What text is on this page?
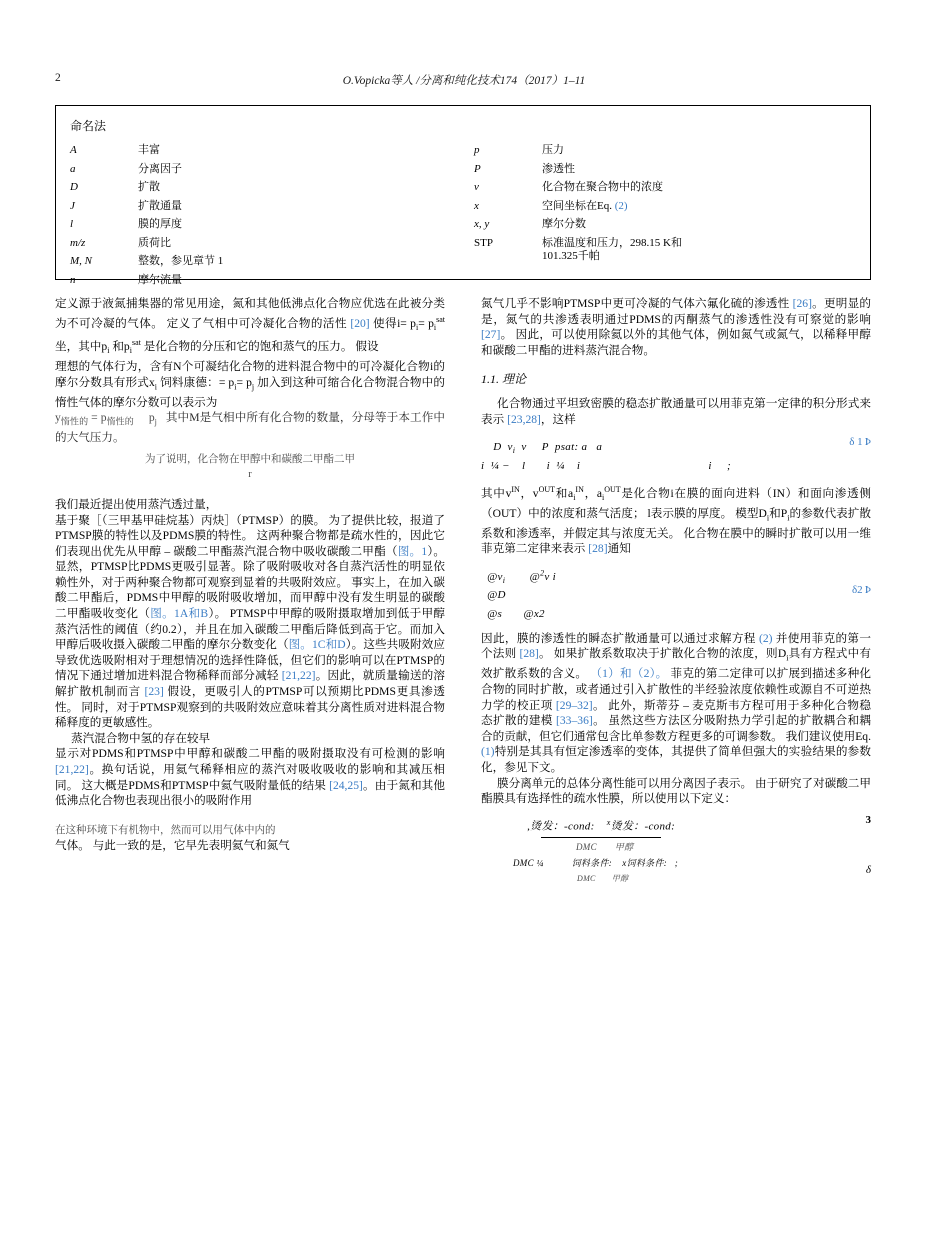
2	O.Vopicka等人 /分离和纯化技术174（2017）1–11
命名法
A	丰富
a	分离因子
D	扩散
J	扩散通量
l	膜的厚度
m/z	质荷比
M, N	整数，参见章节 1
n	摩尔流量
p	压力
P	渗透性
v	化合物在聚合物中的浓度
x	空间坐标在Eq. (2)
x, y	摩尔分数
STP	标准温度和压力，298.15 K和
101.325千帕

定义源于液氮捕集器的常见用途，氮和其他低沸点化合物应优选在此被分类为不可冷凝的气体。 定义了气相中可冷凝化合物的活性 [20] 使得$i= p_i= p_i^{sat}$ 坐，其中$p_i$ 和$p_i^{sat}$ 是化合物的分压和它的饱和蒸气的压力。 假设

理想的气体行为，含有N个可凝结化合物的进料混合物中的可冷凝化合物i的摩尔分数具有形式$x_i$ 饲料康德：= $p_i= p_j$ 加入到这种可缩合化合物混合物中的惰性气体的摩尔分数可以表示为

$y_{惰性的} = p_{惰性的}$     $p_j$ 其中M是气相中所有化合物的数量，分母等于本工作中的大气压力。

为了说明，化合物在甲醇中和碳酸二甲酯二甲
r

我们最近提出使用蒸汽透过量，

基于聚［（三甲基甲硅烷基）丙炔］（PTMSP）的膜。 为了提供比较，报道了PTMSP膜的特性以及PDMS膜的特性。 这两种聚合物都是疏水性的，因此它们表现出优先从甲醇 – 碳酸二甲酯蒸汽混合物中吸收碳酸二甲酯（图。1）。 显然，PTMSP比PDMS更吸引显著。除了吸附吸收对各自蒸汽活性的明显依赖性外，对于两种聚合物都可观察到显着的共吸附效应。 事实上，在加入碳酸二甲酯后，PDMS中甲醇的吸附吸收增加，而甲醇中没有发生明显的碳酸二甲酯吸收变化（图。1A和B）。 PTMSP中甲醇的吸附摄取增加到低于甲醇蒸汽活性的阈值（约0.2），并且在加入碳酸二甲酯后降低到高于它。而加入甲醇后吸收摄入碳酸二甲酯的摩尔分数变化（图。1C和D）。这些共吸附效应导致优选吸附相对于理想情况的选择性降低，但它们的影响可以在PTMSP的情况下通过增加进料混合物稀释而部分减轻 [21,22]。因此，就质量输送的溶解扩散机制而言 [23] 假设，更吸引人的PTMSP可以预期比PDMS更具渗透性。 同时，对于PTMSP观察到的共吸附效应意味着其分离性质对进料混合物稀释度的更敏感性。

蒸汽混合物中氢的存在较早

显示对PDMS和PTMSP中甲醇和碳酸二甲酯的吸附摄取没有可检测的影响 [21,22]。换句话说，用氦气稀释相应的蒸汽对吸收吸收的影响和其减压相同。 这大概是PDMS和PTMSP中氦气吸附量低的结果 [24,25]。由于氮和其他低沸点化合物也表现出很小的吸附作用

在这种环境下有机物中，然而可以用气体中内的

气体。 与此一致的是，它早先表明氦气和氮气

氮气几乎不影响PTMSP中更可冷凝的气体六氟化硫的渗透性 [26]。更明显的是，氮气的共渗透表明通过PDMS的丙酮蒸气的渗透性没有可察觉的影响 [27]。 因此，可以使用除氦以外的其他气体，例如氮气或氮气，以稀释甲醇和碳酸二甲酯的进料蒸汽混合物。

1.1. 理论

化合物通过平坦致密膜的稳态扩散通量可以用菲克第一定律的积分形式来表示 [23,28]，这样

D  $v_i$  v     P  psat: a   a
i  ¼ −    l       i  ¼    i                                          i     ;
δ 1 Þ

其中$v^{IN}$，$v^{OUT}$和$a_i^{IN}$，$a_i^{OUT}$是化合物i在膜的面向进料（IN）和面向渗透侧（OUT）中的浓度和蒸气活度； l表示膜的厚度。 模型$D_i$和$P_i$的参数代表扩散系数和渗透率，并假定其与浓度无关。 化合物在膜中的瞬时扩散可以用一维菲克第二定律来表示 [28]通知

$@v_i$        @$^2$v i
@D
@s       @x2
δ2 Þ

因此，膜的渗透性的瞬态扩散通量可以通过求解方程 (2) 并使用菲克的第一个法则 [28]。 如果扩散系数取决于扩散化合物的浓度，则$D_i$具有方程式中有效扩散系数的含义。 （1）和（2）。 菲克的第二定律可以扩展到描述多种化合物的同时扩散，或者通过引入扩散性的半经验浓度依赖性或源自不可逆热力学的校正项 [29–32]。 此外，斯蒂芬 – 麦克斯韦方程可用于多种化合物稳态扩散的建模 [33–36]。 虽然这些方法区分吸附热力学引起的扩散耦合和耦合的贡献，但它们通常包含比单参数方程更多的可调参数。 我们建议使用Eq. (1)特别是其具有恒定渗透率的变体，其提供了简单但强大的实验结果的参数化，参见下文。

膜分离单元的总体分离性能可以用分离因子表示。 由于研究了对碳酸二甲酯膜具有选择性的疏水性膜，所以使用以下定义：

,烫发：-cond: $^x$烫发：-cond:
DMC 甲醇
DMC ¼           饲料条件: x饲料条件:   ;
DMC 甲醇
3
δ
